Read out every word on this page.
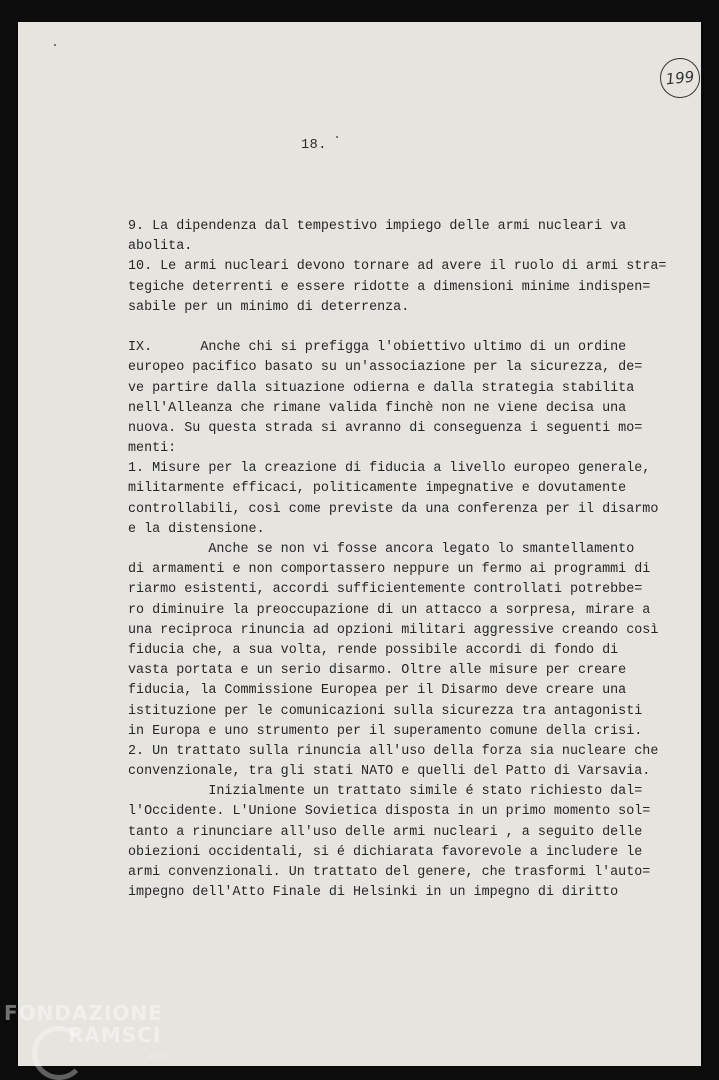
199
18.
9. La dipendenza dal tempestivo impiego delle armi nucleari va
abolita.
10. Le armi nucleari devono tornare ad avere il ruolo di armi stra=
tegiche deterrenti e essere ridotte a dimensioni minime indispen=
sabile per un minimo di deterrenza.
IX.      Anche chi si prefigga l'obiettivo ultimo di un ordine
europeo pacifico basato su un'associazione per la sicurezza, de=
ve partire dalla situazione odierna e dalla strategia stabilita
nell'Alleanza che rimane valida finchè non ne viene decisa una
nuova. Su questa strada si avranno di conseguenza i seguenti mo=
menti:
1. Misure per la creazione di fiducia a livello europeo generale,
militarmente efficaci, politicamente impegnative e dovutamente
controllabili, così come previste da una conferenza per il disarmo
e la distensione.
Anche se non vi fosse ancora legato lo smantellamento
di armamenti e non comportassero neppure un fermo ai programmi di
riarmo esistenti, accordi sufficientemente controllati potrebbe=
ro diminuire la preoccupazione di un attacco a sorpresa, mirare a
una reciproca rinuncia ad opzioni militari aggressive creando così
fiducia che, a sua volta, rende possibile accordi di fondo di
vasta portata e un serio disarmo. Oltre alle misure per creare
fiducia, la Commissione Europea per il Disarmo deve creare una
istituzione per le comunicazioni sulla sicurezza tra antagonisti
in Europa e uno strumento per il superamento comune della crisi.
2. Un trattato sulla rinuncia all'uso della forza sia nucleare che
convenzionale, tra gli stati NATO e quelli del Patto di Varsavia.
Inizialmente un trattato simile é stato richiesto dal=
l'Occidente. L'Unione Sovietica disposta in un primo momento sol=
tanto a rinunciare all'uso delle armi nucleari , a seguito delle
obiezioni occidentali, si é dichiarata favorevole a includere le
armi convenzionali. Un trattato del genere, che trasformi l'auto=
impegno dell'Atto Finale di Helsinki in un impegno di diritto
FONDAZIONE
RAMSCI
onlus
